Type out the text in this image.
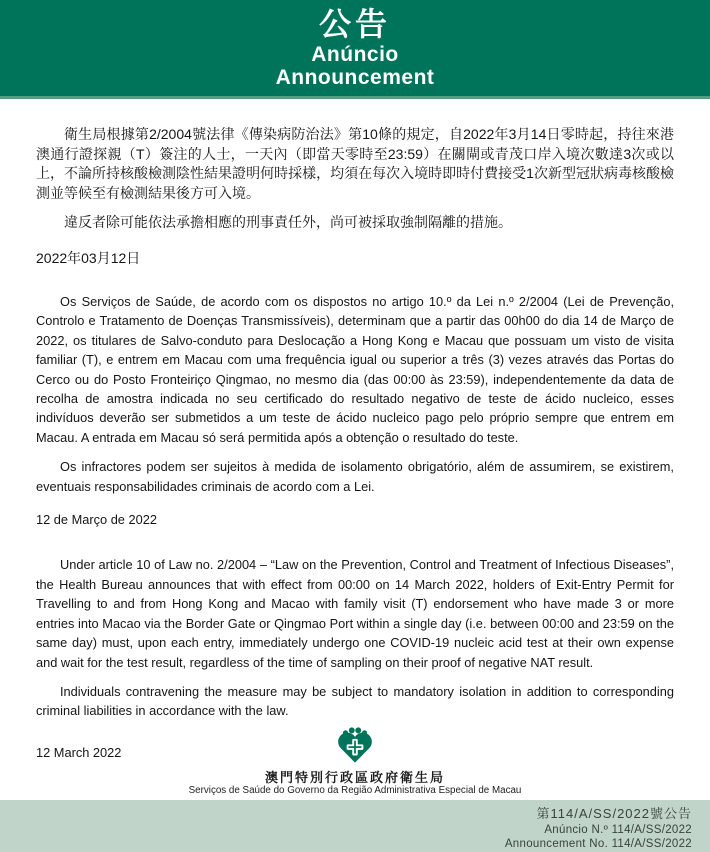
公告
Anúncio
Announcement

衛生局根據第2/2004號法律《傳染病防治法》第10條的規定，自2022年3月14日零時起，持往來港澳通行證探親（T）簽注的人士，一天內（即當天零時至23:59）在關閘或青茂口岸入境次數達3次或以上，不論所持核酸檢測陰性結果證明何時採樣，均須在每次入境時即時付費接受1次新型冠狀病毒核酸檢測並等候至有檢測結果後方可入境。

違反者除可能依法承擔相應的刑事責任外，尚可被採取強制隔離的措施。

2022年03月12日

Os Serviços de Saúde, de acordo com os dispostos no artigo 10.º da Lei n.º 2/2004 (Lei de Prevenção, Controlo e Tratamento de Doenças Transmissíveis), determinam que a partir das 00h00 do dia 14 de Março de 2022, os titulares de Salvo-conduto para Deslocação a Hong Kong e Macau que possuam um visto de visita familiar (T), e entrem em Macau com uma frequência igual ou superior a três (3) vezes através das Portas do Cerco ou do Posto Fronteiriço Qingmao, no mesmo dia (das 00:00 às 23:59), independentemente da data de recolha de amostra indicada no seu certificado do resultado negativo de teste de ácido nucleico, esses indivíduos deverão ser submetidos a um teste de ácido nucleico pago pelo próprio sempre que entrem em Macau. A entrada em Macau só será permitida após a obtenção o resultado do teste.

Os infractores podem ser sujeitos à medida de isolamento obrigatório, além de assumirem, se existirem, eventuais responsabilidades criminais de acordo com a Lei.

12 de Março de 2022

Under article 10 of Law no. 2/2004 – “Law on the Prevention, Control and Treatment of Infectious Diseases”, the Health Bureau announces that with effect from 00:00 on 14 March 2022, holders of Exit-Entry Permit for Travelling to and from Hong Kong and Macao with family visit (T) endorsement who have made 3 or more entries into Macao via the Border Gate or Qingmao Port within a single day (i.e. between 00:00 and 23:59 on the same day) must, upon each entry, immediately undergo one COVID-19 nucleic acid test at their own expense and wait for the test result, regardless of the time of sampling on their proof of negative NAT result.

Individuals contravening the measure may be subject to mandatory isolation in addition to corresponding criminal liabilities in accordance with the law.

12 March 2022

澳門特別行政區政府衛生局
Serviços de Saúde do Governo da Região Administrativa Especial de Macau
第114/A/SS/2022號公告
Anúncio N.º 114/A/SS/2022
Announcement No. 114/A/SS/2022
